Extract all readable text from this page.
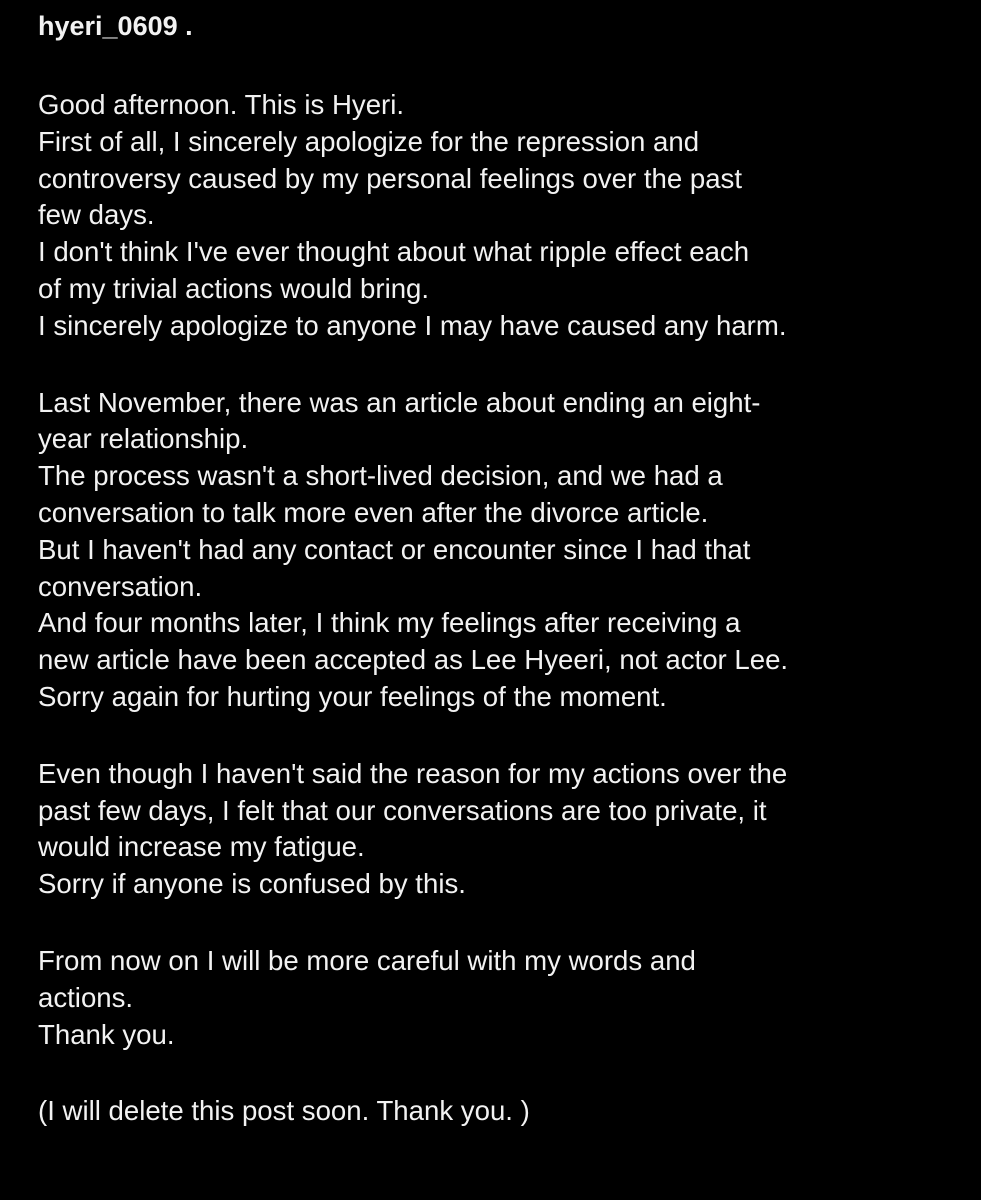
hyeri_0609 .

Good afternoon. This is Hyeri.

First of all, I sincerely apologize for the repression and

controversy caused by my personal feelings over the past

few days.

I don't think I've ever thought about what ripple effect each

of my trivial actions would bring.

I sincerely apologize to anyone I may have caused any harm.

Last November, there was an article about ending an eight-

year relationship.

The process wasn't a short-lived decision, and we had a

conversation to talk more even after the divorce article.

But I haven't had any contact or encounter since I had that

conversation.

And four months later, I think my feelings after receiving a

new article have been accepted as Lee Hyeeri, not actor Lee.

Sorry again for hurting your feelings of the moment.

Even though I haven't said the reason for my actions over the

past few days, I felt that our conversations are too private, it

would increase my fatigue.

Sorry if anyone is confused by this.

From now on I will be more careful with my words and

actions.

Thank you.

(I will delete this post soon. Thank you. )
